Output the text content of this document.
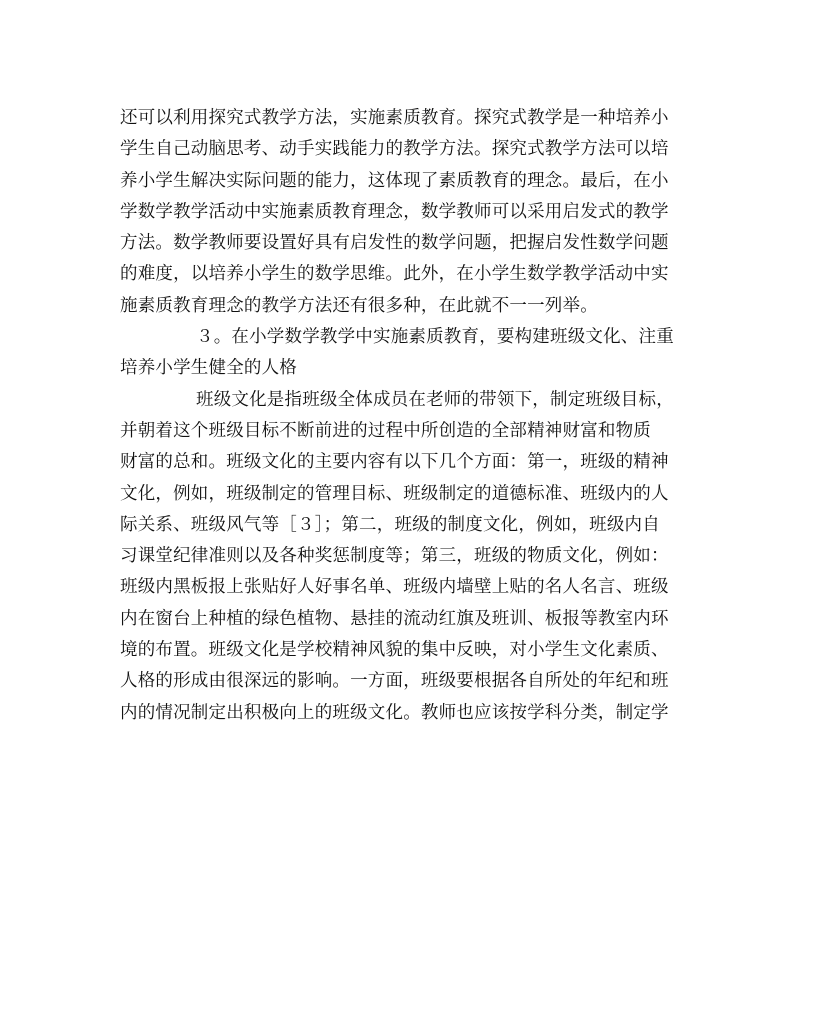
还可以利用探究式教学方法，实施素质教育。探究式教学是一种培养小
学生自己动脑思考、动手实践能力的教学方法。探究式教学方法可以培
养小学生解决实际问题的能力，这体现了素质教育的理念。最后，在小
学数学教学活动中实施素质教育理念，数学教师可以采用启发式的教学
方法。数学教师要设置好具有启发性的数学问题，把握启发性数学问题
的难度，以培养小学生的数学思维。此外，在小学生数学教学活动中实
施素质教育理念的教学方法还有很多种，在此就不一一列举。
３。在小学数学教学中实施素质教育，要构建班级文化、注重
培养小学生健全的人格
班级文化是指班级全体成员在老师的带领下，制定班级目标，
并朝着这个班级目标不断前进的过程中所创造的全部精神财富和物质
财富的总和。班级文化的主要内容有以下几个方面：第一，班级的精神
文化，例如，班级制定的管理目标、班级制定的道德标准、班级内的人
际关系、班级风气等［３］；第二，班级的制度文化，例如，班级内自
习课堂纪律准则以及各种奖惩制度等；第三，班级的物质文化，例如：
班级内黑板报上张贴好人好事名单、班级内墙壁上贴的名人名言、班级
内在窗台上种植的绿色植物、悬挂的流动红旗及班训、板报等教室内环
境的布置。班级文化是学校精神风貌的集中反映，对小学生文化素质、
人格的形成由很深远的影响。一方面，班级要根据各自所处的年纪和班
内的情况制定出积极向上的班级文化。教师也应该按学科分类，制定学
